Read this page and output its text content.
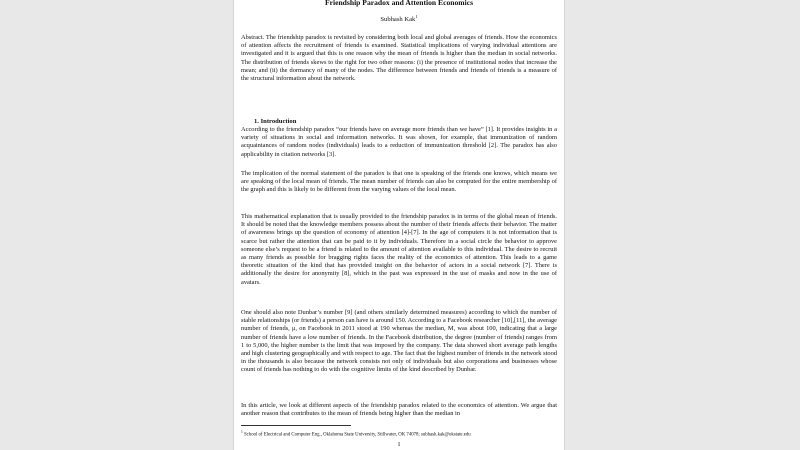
Friendship Paradox and Attention Economics
Subhash Kak$^1$
Abstract. The friendship paradox is revisited by considering both local and global averages of friends. How the economics of attention affects the recruitment of friends is examined. Statistical implications of varying individual attentions are investigated and it is argued that this is one reason why the mean of friends is higher than the median in social networks. The distribution of friends skews to the right for two other reasons: (i) the presence of institutional nodes that increase the mean; and (ii) the dormancy of many of the nodes. The difference between friends and friends of friends is a measure of the structural information about the network.
1. Introduction
According to the friendship paradox “our friends have on average more friends than we have” [1]. It provides insights in a variety of situations in social and information networks. It was shown, for example, that immunization of random acquaintances of random nodes (individuals) leads to a reduction of immunization threshold [2]. The paradox has also applicability in citation networks [3].
The implication of the normal statement of the paradox is that one is speaking of the friends one knows, which means we are speaking of the local mean of friends. The mean number of friends can also be computed for the entire membership of the graph and this is likely to be different from the varying values of the local mean.
This mathematical explanation that is usually provided to the friendship paradox is in terms of the global mean of friends. It should be noted that the knowledge members possess about the number of their friends affects their behavior. The matter of awareness brings up the question of economy of attention [4]-[7]. In the age of computers it is not information that is scarce but rather the attention that can be paid to it by individuals. Therefore in a social circle the behavior to approve someone else’s request to be a friend is related to the amount of attention available to this individual. The desire to recruit as many friends as possible for bragging rights faces the reality of the economics of attention. This leads to a game theoretic situation of the kind that has provided insight on the behavior of actors in a social network [7]. There is additionally the desire for anonymity [8], which in the past was expressed in the use of masks and now in the use of avatars.
One should also note Dunbar’s number [9] (and others similarly determined measures) according to which the number of stable relationships (or friends) a person can have is around 150. According to a Facebook researcher [10],[11], the average number of friends, μ, on Facebook in 2011 stood at 190 whereas the median, M, was about 100, indicating that a large number of friends have a low number of friends. In the Facebook distribution, the degree (number of friends) ranges from 1 to 5,000, the higher number is the limit that was imposed by the company. The data showed short average path lengths and high clustering geographically and with respect to age. The fact that the highest number of friends in the network stood in the thousands is also because the network consists not only of individuals but also corporations and businesses whose count of friends has nothing to do with the cognitive limits of the kind described by Dunbar.
In this article, we look at different aspects of the friendship paradox related to the economics of attention. We argue that another reason that contributes to the mean of friends being higher than the median in
$^1$ School of Electrical and Computer Eng., Oklahoma State University, Stillwater, OK 74078; subhash.kak@okstate.edu
1
